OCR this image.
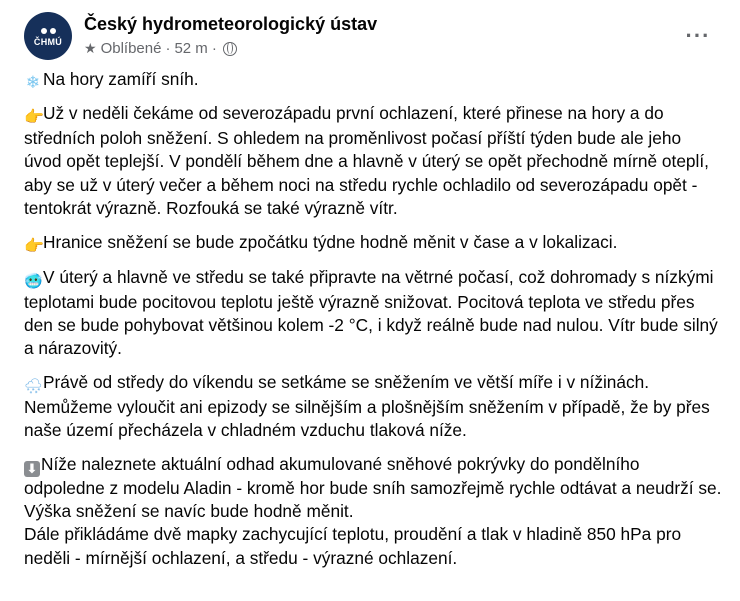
ČHMÚ
Český hydrometeorologický ústav
★ Oblíbené · 52 m ·
···

❄ Na hory zamíří sníh.

👉Už v neděli čekáme od severozápadu první ochlazení, které přinese na hory a do středních poloh sněžení. S ohledem na proměnlivost počasí příští týden bude ale jeho úvod opět teplejší. V pondělí během dne a hlavně v úterý se opět přechodně mírně oteplí, aby se už v úterý večer a během noci na středu rychle ochladilo od severozápadu opět - tentokrát výrazně. Rozfouká se také výrazně vítr.

👉Hranice sněžení se bude zpočátku týdne hodně měnit v čase a v lokalizaci.

🥶V úterý a hlavně ve středu se také připravte na větrné počasí, což dohromady s nízkými teplotami bude pocitovou teplotu ještě výrazně snižovat. Pocitová teplota ve středu přes den se bude pohybovat většinou kolem -2 °C, i když reálně bude nad nulou. Vítr bude silný a nárazovitý.

🌨Právě od středy do víkendu se setkáme se sněžením ve větší míře i v nížinách. Nemůžeme vyloučit ani epizody se silnějším a plošnějším sněžením v případě, že by přes naše území přecházela v chladném vzduchu tlaková níže.

⬇ Níže naleznete aktuální odhad akumulované sněhové pokrývky do pondělního odpoledne z modelu Aladin - kromě hor bude sníh samozřejmě rychle odtávat a neudrží se. Výška sněžení se navíc bude hodně měnit.

Dále přikládáme dvě mapky zachycující teplotu, proudění a tlak v hladině 850 hPa pro neděli - mírnější ochlazení, a středu - výrazné ochlazení.
